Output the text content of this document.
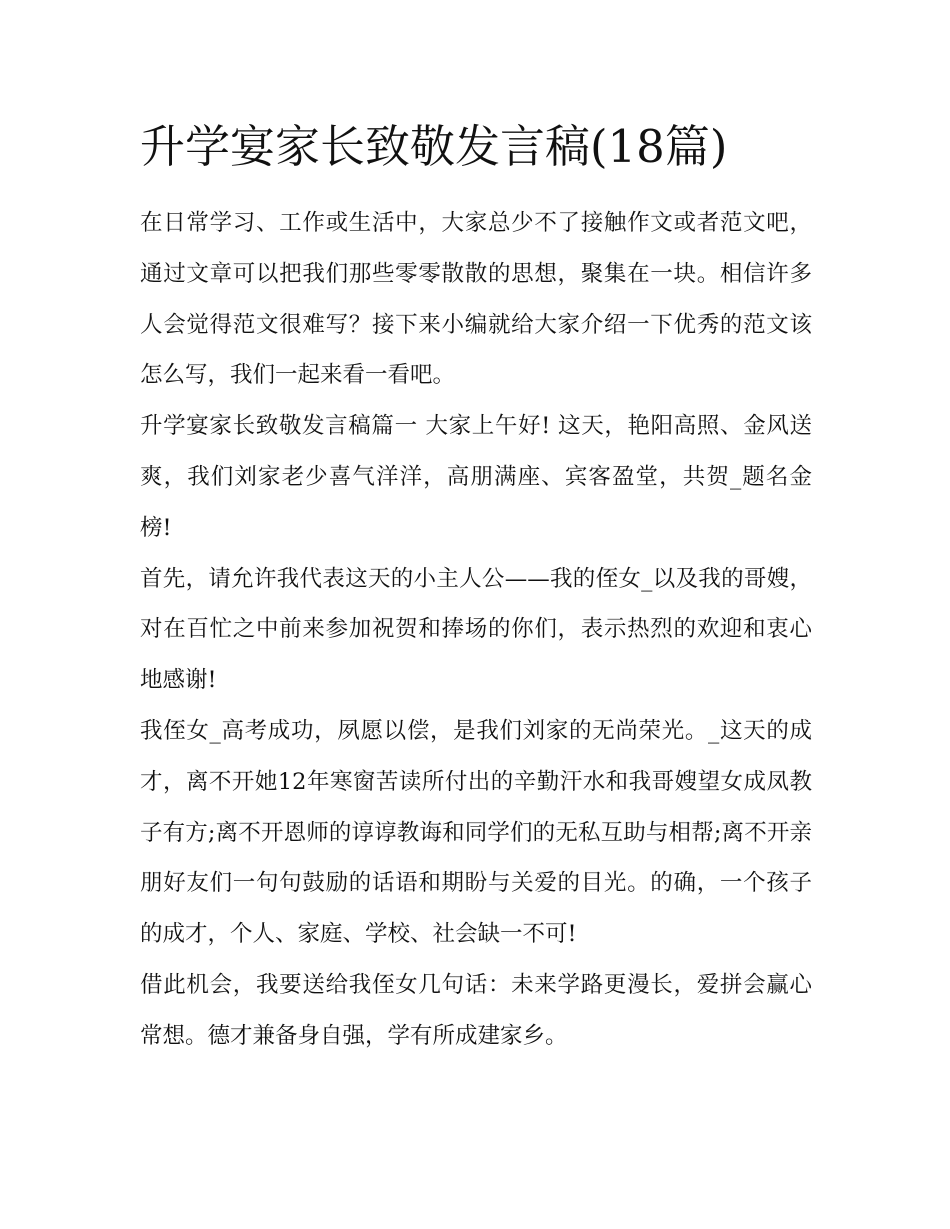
升学宴家长致敬发言稿(18篇)

在日常学习、工作或生活中，大家总少不了接触作文或者范文吧，通过文章可以把我们那些零零散散的思想，聚集在一块。相信许多人会觉得范文很难写？接下来小编就给大家介绍一下优秀的范文该怎么写，我们一起来看一看吧。

升学宴家长致敬发言稿篇一 大家上午好! 这天，艳阳高照、金风送爽，我们刘家老少喜气洋洋，高朋满座、宾客盈堂，共贺_题名金榜!

首先，请允许我代表这天的小主人公——我的侄女_以及我的哥嫂，对在百忙之中前来参加祝贺和捧场的你们，表示热烈的欢迎和衷心地感谢!

我侄女_高考成功，夙愿以偿，是我们刘家的无尚荣光。_这天的成才，离不开她12年寒窗苦读所付出的辛勤汗水和我哥嫂望女成凤教子有方;离不开恩师的谆谆教诲和同学们的无私互助与相帮;离不开亲朋好友们一句句鼓励的话语和期盼与关爱的目光。的确，一个孩子的成才，个人、家庭、学校、社会缺一不可!

借此机会，我要送给我侄女几句话：未来学路更漫长，爱拼会赢心常想。德才兼备身自强，学有所成建家乡。
